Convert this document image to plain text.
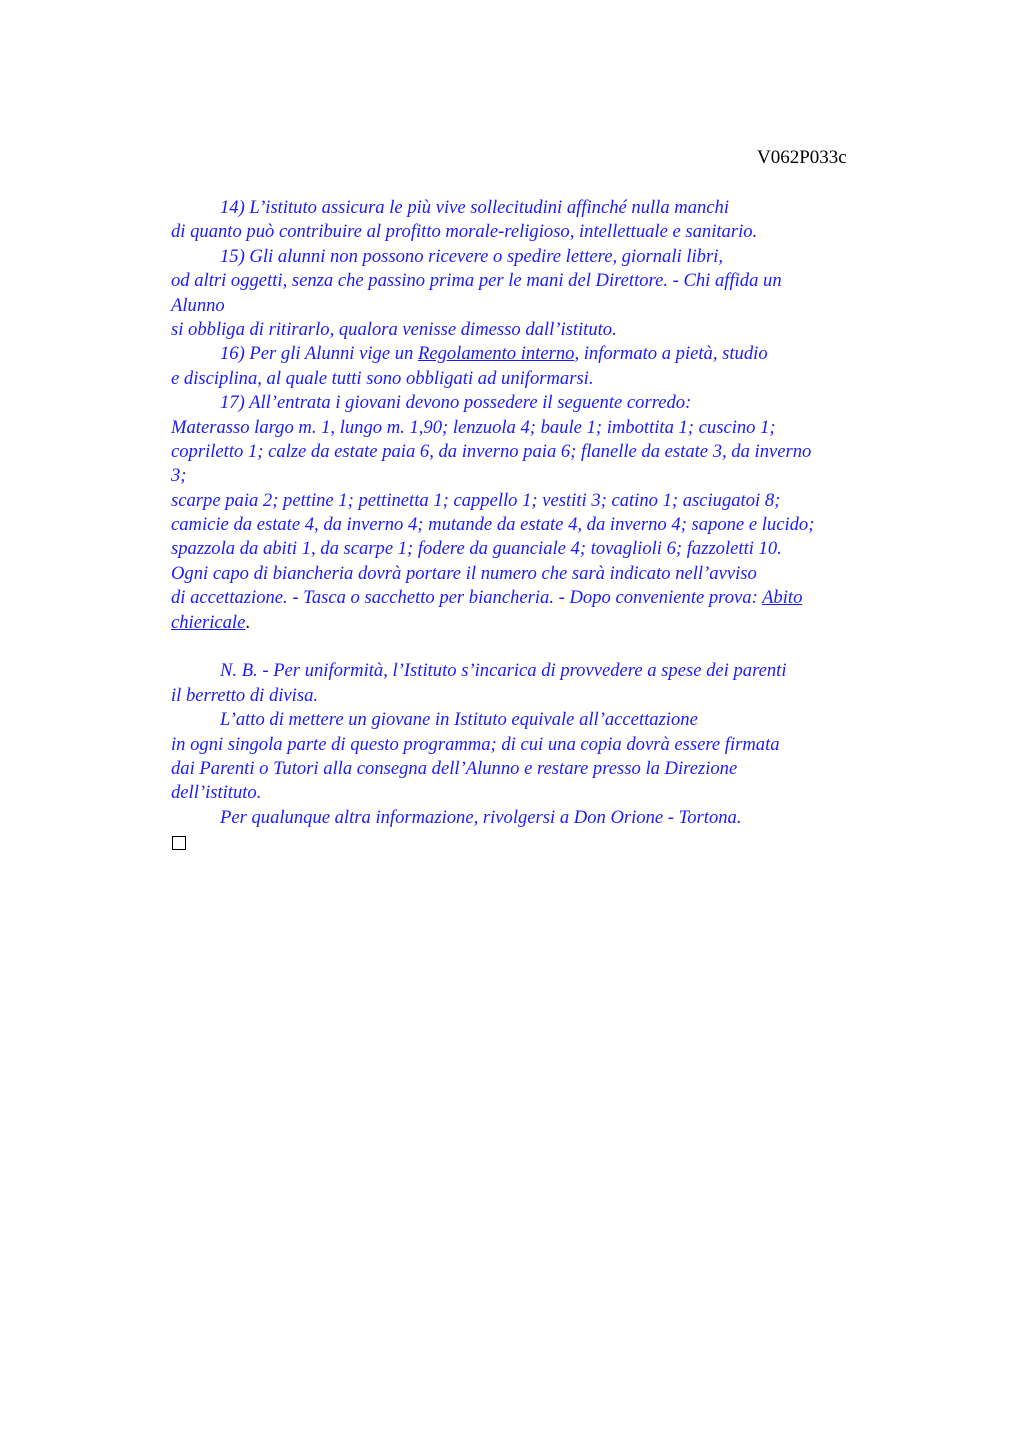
V062P033c
14) L’istituto assicura le più vive sollecitudini affinché nulla manchi
di quanto può contribuire al profitto morale-religioso, intellettuale e sanitario.
15) Gli alunni non possono ricevere o spedire lettere, giornali libri,
od altri oggetti, senza che passino prima per le mani del Direttore. - Chi affida un
Alunno
si obbliga di ritirarlo, qualora venisse dimesso dall’istituto.
16) Per gli Alunni vige un Regolamento interno, informato a pietà, studio
e disciplina, al quale tutti sono obbligati ad uniformarsi.
17) All’entrata i giovani devono possedere il seguente corredo:
Materasso largo m. 1, lungo m. 1,90; lenzuola 4; baule 1; imbottita 1; cuscino 1;
copriletto 1; calze da estate paia 6, da inverno paia 6; flanelle da estate 3, da inverno
3;
scarpe paia 2; pettine 1; pettinetta 1; cappello 1; vestiti 3; catino 1; asciugatoi 8;
camicie da estate 4, da inverno 4; mutande da estate 4, da inverno 4; sapone e lucido;
spazzola da abiti 1, da scarpe 1; fodere da guanciale 4; tovaglioli 6; fazzoletti 10.
Ogni capo di biancheria dovrà portare il numero che sarà indicato nell’avviso
di accettazione. - Tasca o sacchetto per biancheria. - Dopo conveniente prova: Abito
chiericale.
N. B. - Per uniformità, l’Istituto s’incarica di provvedere a spese dei parenti
il berretto di divisa.
L’atto di mettere un giovane in Istituto equivale all’accettazione
in ogni singola parte di questo programma; di cui una copia dovrà essere firmata
dai Parenti o Tutori alla consegna dell’Alunno e restare presso la Direzione
dell’istituto.
Per qualunque altra informazione, rivolgersi a Don Orione - Tortona.
